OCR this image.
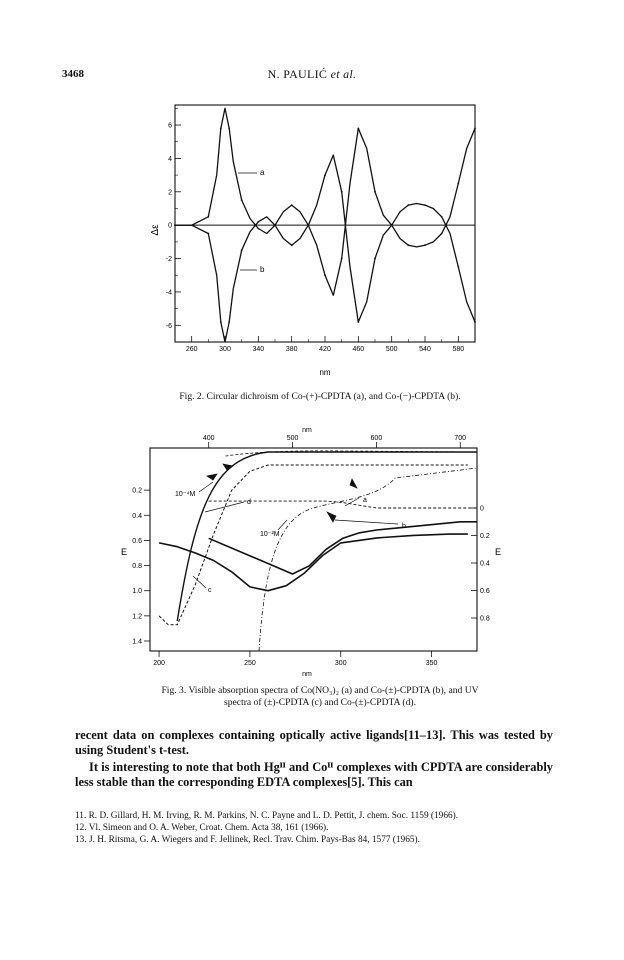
3468	N. PAULIĆ et al.
260	300	340	380	420	460	500	540	580
6
4
2
0
-2
-4
-6
Δε
nm
a
b
Fig. 2. Circular dichroism of Co-(+)-CPDTA (a), and Co-(−)-CPDTA (b).
200	250	300	350
400	500	600	700
0.2
0.4
0.6
0.8
1.0
1.2
1.4
0
0.2
0.4
0.6
0.8
nm
nm
E	E
10⁻⁴M
d
10⁻²M
a
b
c
Fig. 3. Visible absorption spectra of Co(NO₃)₂ (a) and Co-(±)-CPDTA (b), and UV
spectra of (±)-CPDTA (c) and Co-(±)-CPDTA (d).
recent data on complexes containing optically active ligands[11–13]. This was tested by using Student's t-test.
It is interesting to note that both Hgᴵᴵ and Coᴵᴵ complexes with CPDTA are considerably less stable than the corresponding EDTA complexes[5]. This can
11. R. D. Gillard, H. M. Irving, R. M. Parkins, N. C. Payne and L. D. Pettit, J. chem. Soc. 1159 (1966).
12. Vl. Simeon and O. A. Weber, Croat. Chem. Acta 38, 161 (1966).
13. J. H. Ritsma, G. A. Wiegers and F. Jellinek, Recl. Trav. Chim. Pays-Bas 84, 1577 (1965).
